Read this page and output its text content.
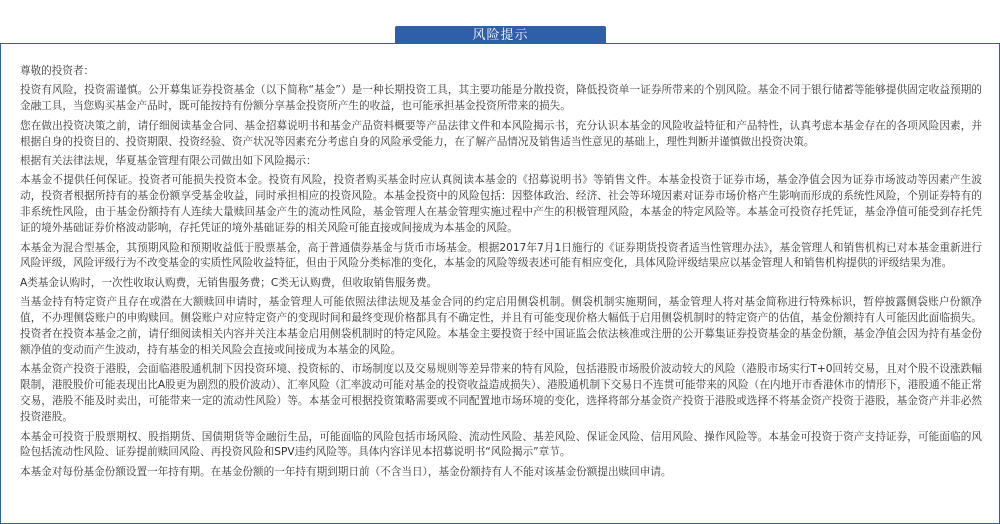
风险提示

尊敬的投资者：

投资有风险，投资需谨慎。公开募集证券投资基金（以下简称“基金”）是一种长期投资工具，其主要功能是分散投资，降低投资单一证券所带来的个别风险。基金不同于银行储蓄等能够提供固定收益预期的金融工具，当您购买基金产品时，既可能按持有份额分享基金投资所产生的收益，也可能承担基金投资所带来的损失。

您在做出投资决策之前，请仔细阅读基金合同、基金招募说明书和基金产品资料概要等产品法律文件和本风险揭示书，充分认识本基金的风险收益特征和产品特性，认真考虑本基金存在的各项风险因素，并根据自身的投资目的、投资期限、投资经验、资产状况等因素充分考虑自身的风险承受能力，在了解产品情况及销售适当性意见的基础上，理性判断并谨慎做出投资决策。

根据有关法律法规，华夏基金管理有限公司做出如下风险揭示：

本基金不提供任何保证。投资者可能损失投资本金。投资有风险，投资者购买基金时应认真阅读本基金的《招募说明书》等销售文件。本基金投资于证券市场，基金净值会因为证券市场波动等因素产生波动，投资者根据所持有的基金份额享受基金收益，同时承担相应的投资风险。本基金投资中的风险包括：因整体政治、经济、社会等环境因素对证券市场价格产生影响而形成的系统性风险，个别证券特有的非系统性风险，由于基金份额持有人连续大量赎回基金产生的流动性风险，基金管理人在基金管理实施过程中产生的积极管理风险，本基金的特定风险等。本基金可投资存托凭证，基金净值可能受到存托凭证的境外基础证券价格波动影响，存托凭证的境外基础证券的相关风险可能直接或间接成为本基金的风险。

本基金为混合型基金，其预期风险和预期收益低于股票基金，高于普通债券基金与货币市场基金。根据2017年7月1日施行的《证券期货投资者适当性管理办法》，基金管理人和销售机构已对本基金重新进行风险评级，风险评级行为不改变基金的实质性风险收益特征，但由于风险分类标准的变化，本基金的风险等级表述可能有相应变化，具体风险评级结果应以基金管理人和销售机构提供的评级结果为准。

A类基金认购时，一次性收取认购费，无销售服务费；C类无认购费，但收取销售服务费。

当基金持有特定资产且存在或潜在大额赎回申请时，基金管理人可能依照法律法规及基金合同的约定启用侧袋机制。侧袋机制实施期间，基金管理人将对基金简称进行特殊标识，暂停披露侧袋账户份额净值，不办理侧袋账户的申购赎回。侧袋账户对应特定资产的变现时间和最终变现价格都具有不确定性，并且有可能变现价格大幅低于启用侧袋机制时的特定资产的估值，基金份额持有人可能因此面临损失。投资者在投资本基金之前，请仔细阅读相关内容并关注本基金启用侧袋机制时的特定风险。本基金主要投资于经中国证监会依法核准或注册的公开募集证券投资基金的基金份额，基金净值会因为持有基金份额净值的变动而产生波动，持有基金的相关风险会直接或间接成为本基金的风险。

本基金资产投资于港股，会面临港股通机制下因投资环境、投资标的、市场制度以及交易规则等差异带来的特有风险，包括港股市场股价波动较大的风险（港股市场实行T+0回转交易，且对个股不设涨跌幅限制，港股股价可能表现出比A股更为剧烈的股价波动）、汇率风险（汇率波动可能对基金的投资收益造成损失）、港股通机制下交易日不连贯可能带来的风险（在内地开市香港休市的情形下，港股通不能正常交易，港股不能及时卖出，可能带来一定的流动性风险）等。本基金可根据投资策略需要或不同配置地市场环境的变化，选择将部分基金资产投资于港股或选择不将基金资产投资于港股，基金资产并非必然投资港股。

本基金可投资于股票期权、股指期货、国债期货等金融衍生品，可能面临的风险包括市场风险、流动性风险、基差风险、保证金风险、信用风险、操作风险等。本基金可投资于资产支持证券，可能面临的风险包括流动性风险、证券提前赎回风险、再投资风险和SPV违约风险等。具体内容详见本招募说明书“风险揭示”章节。

本基金对每份基金份额设置一年持有期。在基金份额的一年持有期到期日前（不含当日），基金份额持有人不能对该基金份额提出赎回申请。
